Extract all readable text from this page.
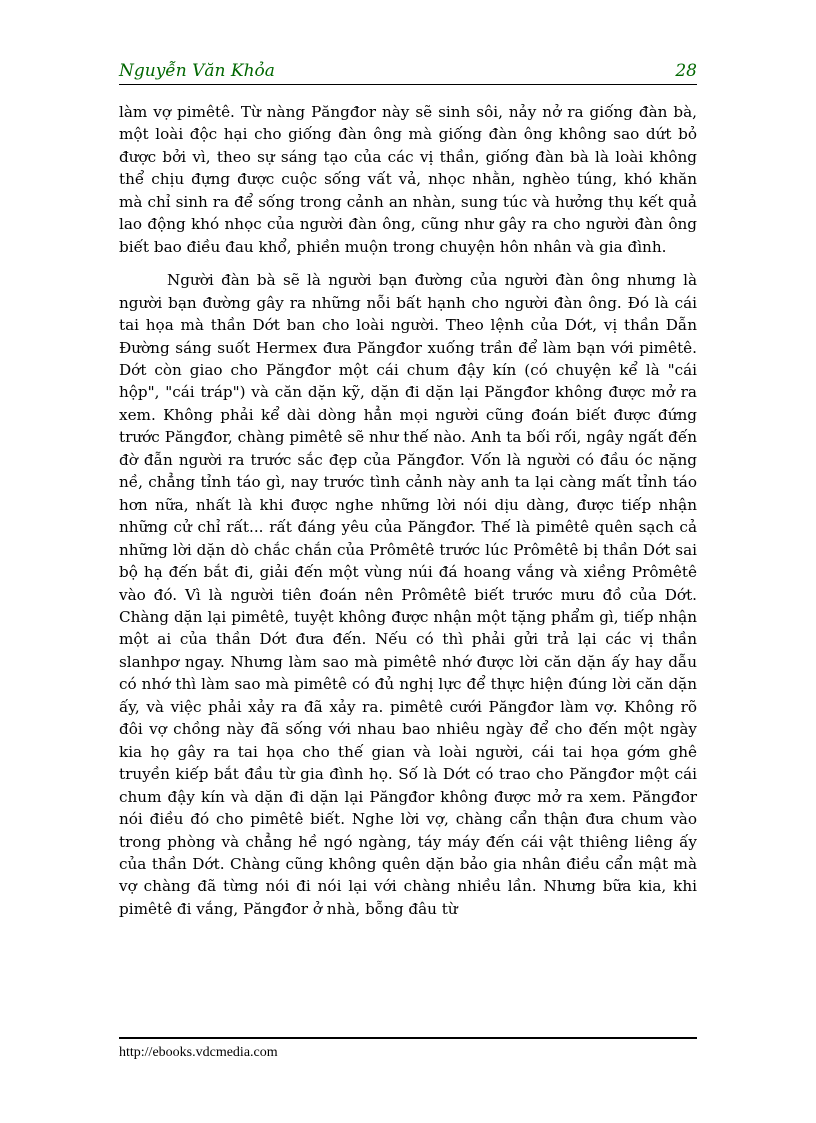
Nguyễn Văn Khỏa	28

làm vợ pimêtê. Từ nàng Păngđor này sẽ sinh sôi, nảy nở ra giống đàn bà, một loài độc hại cho giống đàn ông mà giống đàn ông không sao dứt bỏ được bởi vì, theo sự sáng tạo của các vị thần, giống đàn bà là loài không thể chịu đựng được cuộc sống vất vả, nhọc nhằn, nghèo túng, khó khăn mà chỉ sinh ra để sống trong cảnh an nhàn, sung túc và hưởng thụ kết quả lao động khó nhọc của người đàn ông, cũng như gây ra cho người đàn ông biết bao điều đau khổ, phiền muộn trong chuyện hôn nhân và gia đình.

Người đàn bà sẽ là người bạn đường của người đàn ông nhưng là người bạn đường gây ra những nỗi bất hạnh cho người đàn ông. Đó là cái tai họa mà thần Dớt ban cho loài người. Theo lệnh của Dớt, vị thần Dẫn Đường sáng suốt Hermex đưa Păngđor xuống trần để làm bạn với pimêtê. Dớt còn giao cho Păngđor một cái chum đậy kín (có chuyện kể là "cái hộp", "cái tráp") và căn dặn kỹ, dặn đi dặn lại Păngđor không được mở ra xem. Không phải kể dài dòng hẳn mọi người cũng đoán biết được đứng trước Păngđor, chàng pimêtê sẽ như thế nào. Anh ta bối rối, ngây ngất đến đờ đẫn người ra trước sắc đẹp của Păngđor. Vốn là người có đầu óc nặng nề, chẳng tỉnh táo gì, nay trước tình cảnh này anh ta lại càng mất tỉnh táo hơn nữa, nhất là khi được nghe những lời nói dịu dàng, được tiếp nhận những cử chỉ rất... rất đáng yêu của Păngđor. Thế là pimêtê quên sạch cả những lời dặn dò chắc chắn của Prômêtê trước lúc Prômêtê bị thần Dớt sai bộ hạ đến bắt đi, giải đến một vùng núi đá hoang vắng và xiềng Prômêtê vào đó. Vì là người tiên đoán nên Prômêtê biết trước mưu đồ của Dớt. Chàng dặn lại pimêtê, tuyệt không được nhận một tặng phẩm gì, tiếp nhận một ai của thần Dớt đưa đến. Nếu có thì phải gửi trả lại các vị thần slanhpơ ngay. Nhưng làm sao mà pimêtê nhớ được lời căn dặn ấy hay dẫu có nhớ thì làm sao mà pimêtê có đủ nghị lực để thực hiện đúng lời căn dặn ấy, và việc phải xảy ra đã xảy ra. pimêtê cưới Păngđor làm vợ. Không rõ đôi vợ chồng này đã sống với nhau bao nhiêu ngày để cho đến một ngày kia họ gây ra tai họa cho thế gian và loài người, cái tai họa gớm ghê truyền kiếp bắt đầu từ gia đình họ. Số là Dớt có trao cho Păngđor một cái chum đậy kín và dặn đi dặn lại Păngđor không được mở ra xem. Păngđor nói điều đó cho pimêtê biết. Nghe lời vợ, chàng cẩn thận đưa chum vào trong phòng và chẳng hề ngó ngàng, táy máy đến cái vật thiêng liêng ấy của thần Dớt. Chàng cũng không quên dặn bảo gia nhân điều cẩn mật mà vợ chàng đã từng nói đi nói lại với chàng nhiều lần. Nhưng bữa kia, khi pimêtê đi vắng, Păngđor ở nhà, bỗng đâu từ

http://ebooks.vdcmedia.com
